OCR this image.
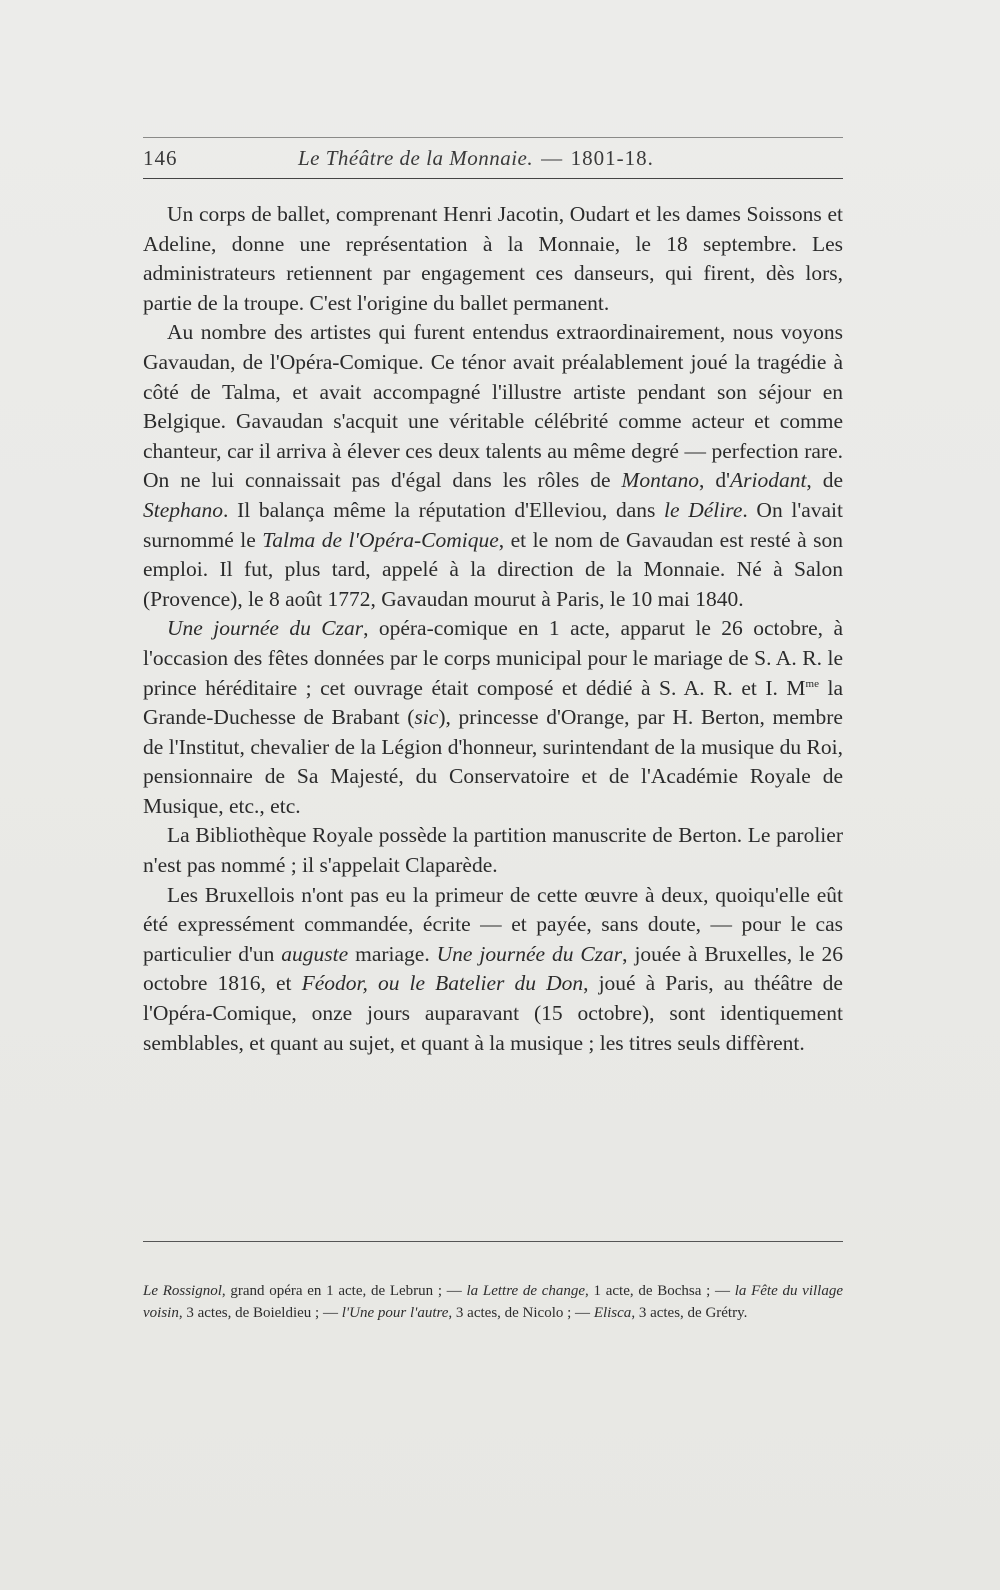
146	Le Théâtre de la Monnaie. — 1801-18.

Un corps de ballet, comprenant Henri Jacotin, Oudart et les dames Soissons et Adeline, donne une représentation à la Monnaie, le 18 septembre. Les administrateurs retiennent par engagement ces danseurs, qui firent, dès lors, partie de la troupe. C'est l'origine du ballet permanent.

Au nombre des artistes qui furent entendus extraordinairement, nous voyons Gavaudan, de l'Opéra-Comique. Ce ténor avait préalablement joué la tragédie à côté de Talma, et avait accompagné l'illustre artiste pendant son séjour en Belgique. Gavaudan s'acquit une véritable célébrité comme acteur et comme chanteur, car il arriva à élever ces deux talents au même degré — perfection rare. On ne lui connaissait pas d'égal dans les rôles de Montano, d'Ariodant, de Stephano. Il balança même la réputation d'Elleviou, dans le Délire. On l'avait surnommé le Talma de l'Opéra-Comique, et le nom de Gavaudan est resté à son emploi. Il fut, plus tard, appelé à la direction de la Monnaie. Né à Salon (Provence), le 8 août 1772, Gavaudan mourut à Paris, le 10 mai 1840.

Une journée du Czar, opéra-comique en 1 acte, apparut le 26 octobre, à l'occasion des fêtes données par le corps municipal pour le mariage de S. A. R. le prince héréditaire ; cet ouvrage était composé et dédié à S. A. R. et I. $M^{me}$ la Grande-Duchesse de Brabant (sic), princesse d'Orange, par H. Berton, membre de l'Institut, chevalier de la Légion d'honneur, surintendant de la musique du Roi, pensionnaire de Sa Majesté, du Conservatoire et de l'Académie Royale de Musique, etc., etc.

La Bibliothèque Royale possède la partition manuscrite de Berton. Le parolier n'est pas nommé ; il s'appelait Claparède.

Les Bruxellois n'ont pas eu la primeur de cette œuvre à deux, quoiqu'elle eût été expressément commandée, écrite — et payée, sans doute, — pour le cas particulier d'un auguste mariage. Une journée du Czar, jouée à Bruxelles, le 26 octobre 1816, et Féodor, ou le Batelier du Don, joué à Paris, au théâtre de l'Opéra-Comique, onze jours auparavant (15 octobre), sont identiquement semblables, et quant au sujet, et quant à la musique ; les titres seuls diffèrent.

Le Rossignol, grand opéra en 1 acte, de Lebrun ; — la Lettre de change, 1 acte, de Bochsa ; — la Fête du village voisin, 3 actes, de Boieldieu ; — l'Une pour l'autre, 3 actes, de Nicolo ; — Elisca, 3 actes, de Grétry.
